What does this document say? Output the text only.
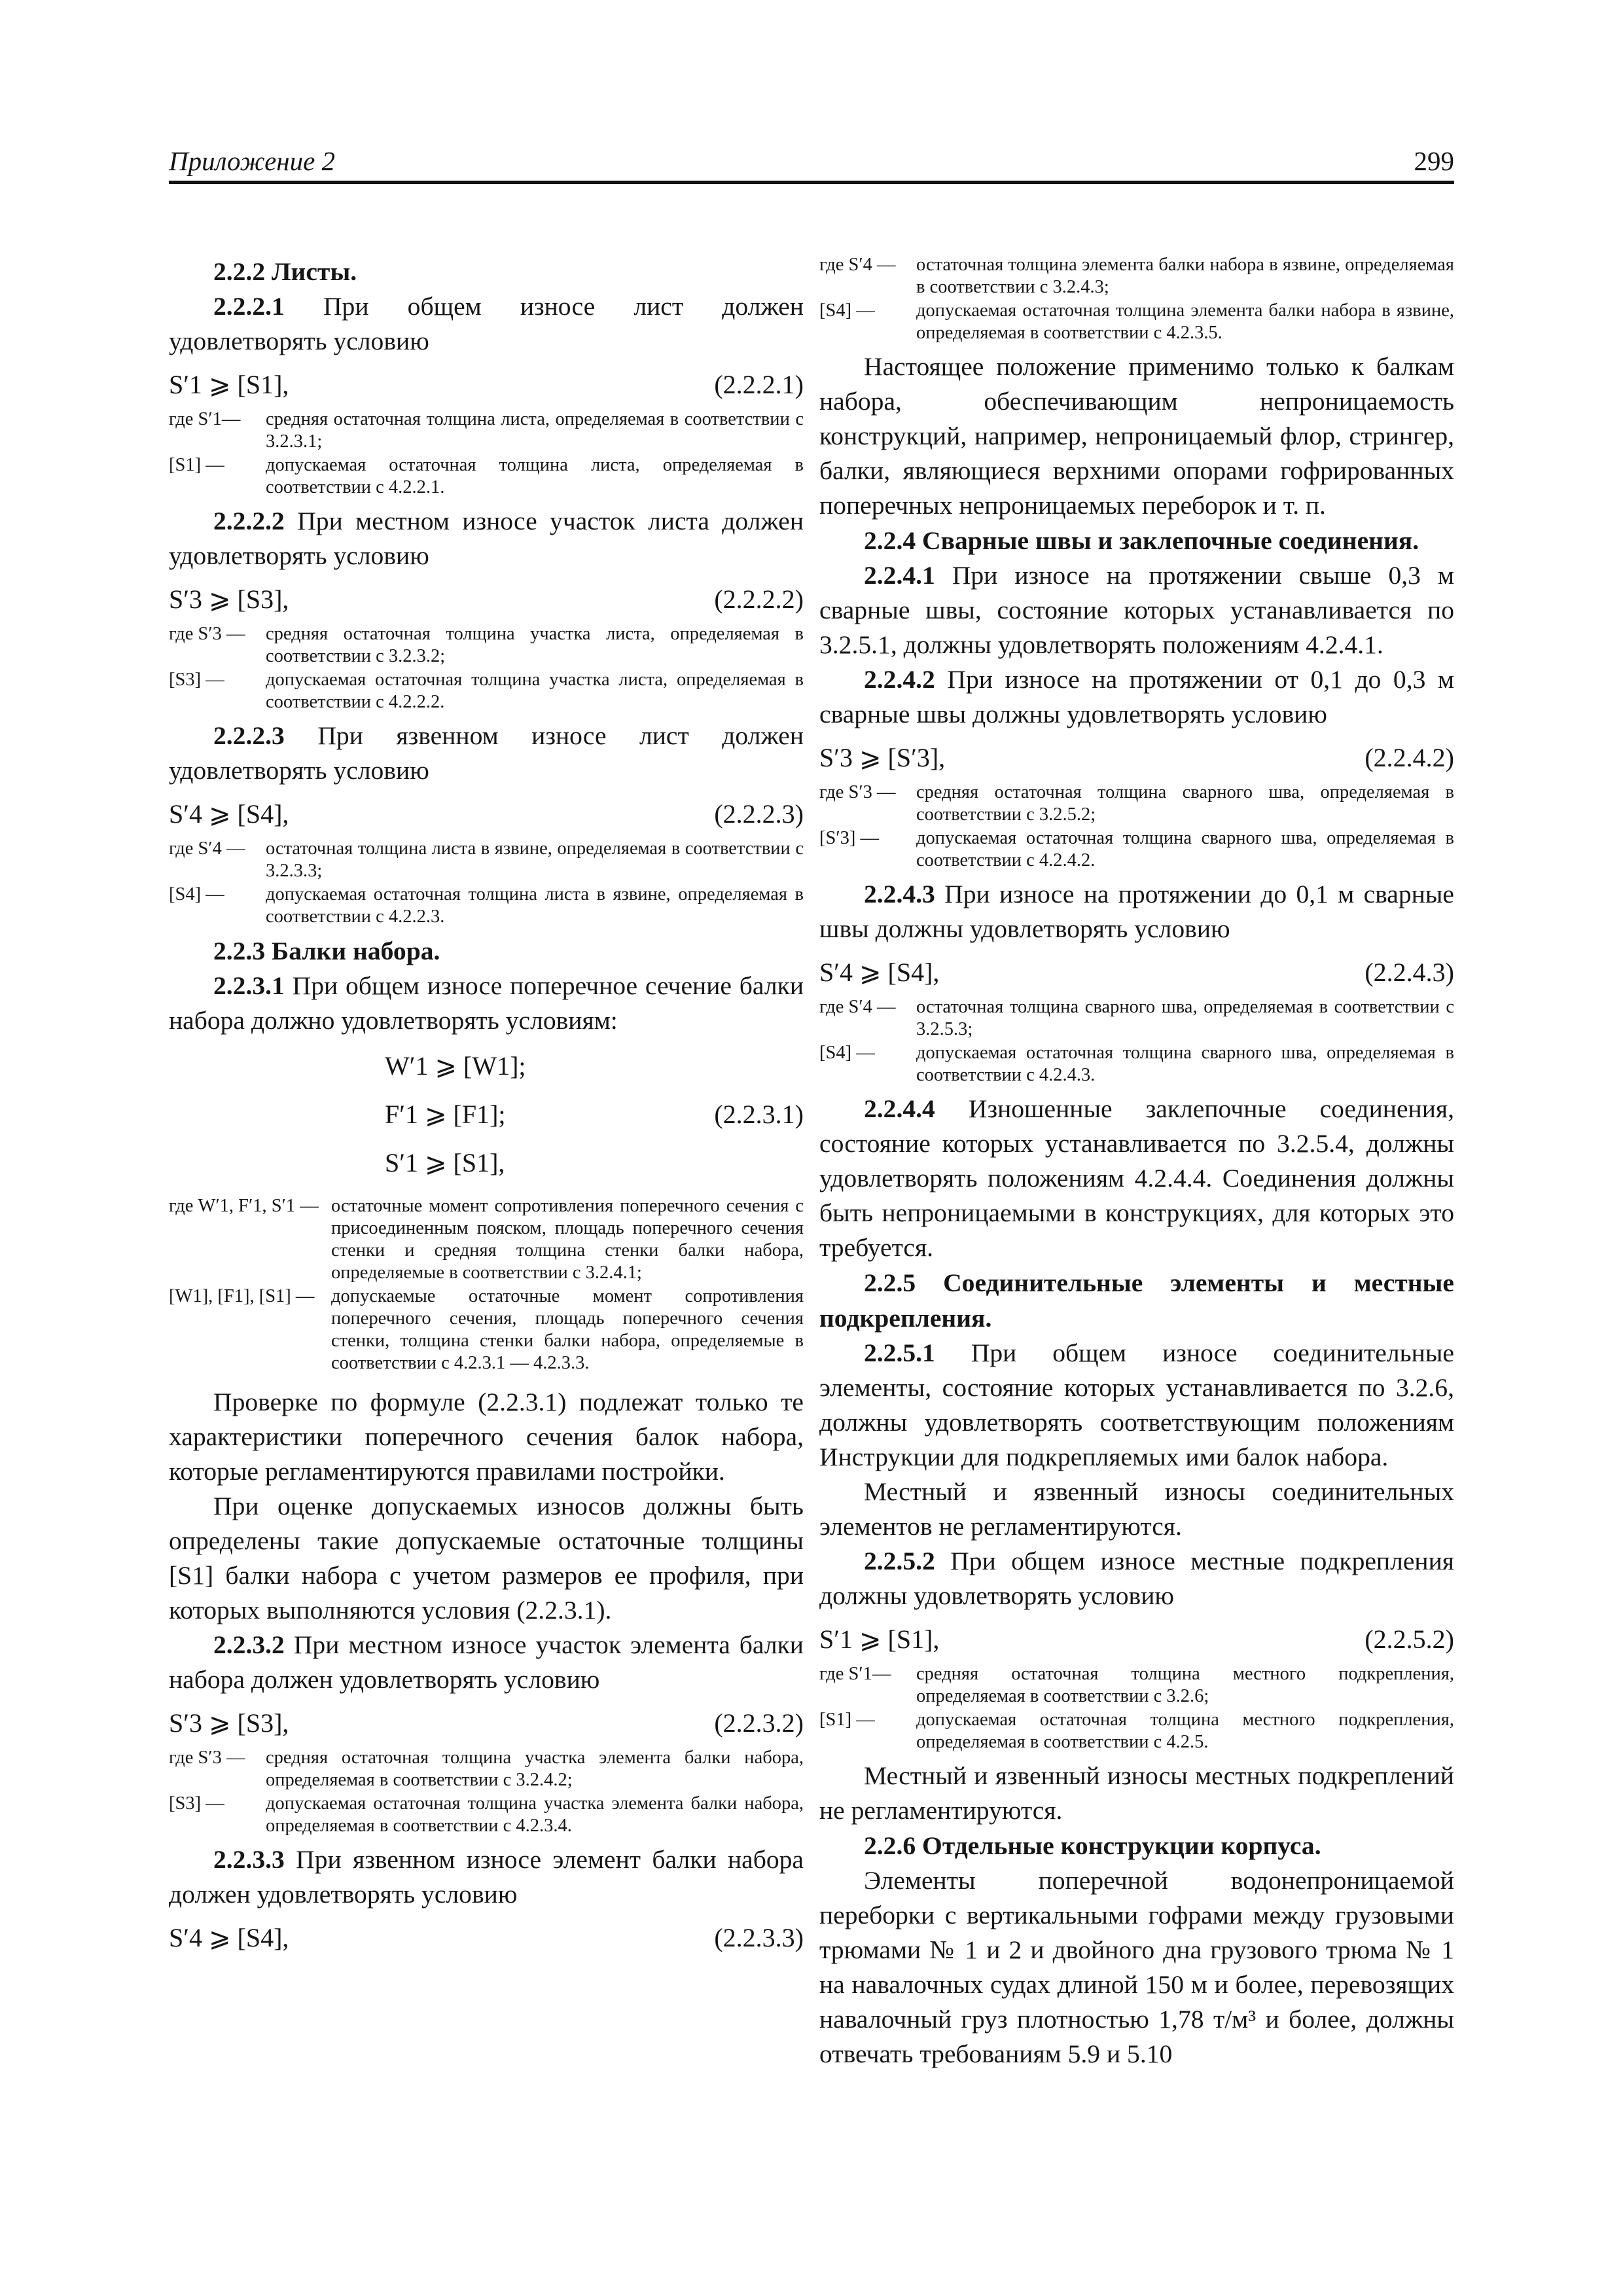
Приложение 2	299

2.2.2 Листы.

2.2.2.1 При общем износе лист должен удовлетворять условию

S′1 ⩾ [S1],	(2.2.2.1)
где S′1—	средняя остаточная толщина листа, определяемая в соответствии с 3.2.3.1;
[S1] —	допускаемая остаточная толщина листа, определяемая в соответствии с 4.2.2.1.

2.2.2.2 При местном износе участок листа должен удовлетворять условию

S′3 ⩾ [S3],	(2.2.2.2)
где S′3 —	средняя остаточная толщина участка листа, определяемая в соответствии с 3.2.3.2;
[S3] —	допускаемая остаточная толщина участка листа, определяемая в соответствии с 4.2.2.2.

2.2.2.3 При язвенном износе лист должен удовлетворять условию

S′4 ⩾ [S4],	(2.2.2.3)
где S′4 —	остаточная толщина листа в язвине, определяемая в соответствии с 3.2.3.3;
[S4] —	допускаемая остаточная толщина листа в язвине, определяемая в соответствии с 4.2.2.3.

2.2.3 Балки набора.

2.2.3.1 При общем износе поперечное сечение балки набора должно удовлетворять условиям:

W′1 ⩾ [W1];
F′1 ⩾ [F1];	(2.2.3.1)
S′1 ⩾ [S1],
где W′1, F′1, S′1 — остаточные момент сопротивления поперечного сечения с присоединенным пояском, площадь поперечного сечения стенки и средняя толщина стенки балки набора, определяемые в соответствии с 3.2.4.1;
[W1], [F1], [S1] — допускаемые остаточные момент сопротивления поперечного сечения, площадь поперечного сечения стенки, толщина стенки балки набора, определяемые в соответствии с 4.2.3.1 — 4.2.3.3.

Проверке по формуле (2.2.3.1) подлежат только те характеристики поперечного сечения балок набора, которые регламентируются правилами постройки.

При оценке допускаемых износов должны быть определены такие допускаемые остаточные толщины [S1] балки набора с учетом размеров ее профиля, при которых выполняются условия (2.2.3.1).

2.2.3.2 При местном износе участок элемента балки набора должен удовлетворять условию

S′3 ⩾ [S3],	(2.2.3.2)
где S′3 —	средняя остаточная толщина участка элемента балки набора, определяемая в соответствии с 3.2.4.2;
[S3] —	допускаемая остаточная толщина участка элемента балки набора, определяемая в соответствии с 4.2.3.4.

2.2.3.3 При язвенном износе элемент балки набора должен удовлетворять условию

S′4 ⩾ [S4],	(2.2.3.3)
где S′4 —	остаточная толщина элемента балки набора в язвине, определяемая в соответствии с 3.2.4.3;
[S4] —	допускаемая остаточная толщина элемента балки набора в язвине, определяемая в соответствии с 4.2.3.5.

Настоящее положение применимо только к балкам набора, обеспечивающим непроницаемость конструкций, например, непроницаемый флор, стрингер, балки, являющиеся верхними опорами гофрированных поперечных непроницаемых переборок и т. п.

2.2.4 Сварные швы и заклепочные соединения.

2.2.4.1 При износе на протяжении свыше 0,3 м сварные швы, состояние которых устанавливается по 3.2.5.1, должны удовлетворять положениям 4.2.4.1.

2.2.4.2 При износе на протяжении от 0,1 до 0,3 м сварные швы должны удовлетворять условию

S′3 ⩾ [S′3],	(2.2.4.2)
где S′3 —	средняя остаточная толщина сварного шва, определяемая в соответствии с 3.2.5.2;
[S′3] —	допускаемая остаточная толщина сварного шва, определяемая в соответствии с 4.2.4.2.

2.2.4.3 При износе на протяжении до 0,1 м сварные швы должны удовлетворять условию

S′4 ⩾ [S4],	(2.2.4.3)
где S′4 —	остаточная толщина сварного шва, определяемая в соответствии с 3.2.5.3;
[S4] —	допускаемая остаточная толщина сварного шва, определяемая в соответствии с 4.2.4.3.

2.2.4.4 Изношенные заклепочные соединения, состояние которых устанавливается по 3.2.5.4, должны удовлетворять положениям 4.2.4.4. Соединения должны быть непроницаемыми в конструкциях, для которых это требуется.

2.2.5 Соединительные элементы и местные подкрепления.

2.2.5.1 При общем износе соединительные элементы, состояние которых устанавливается по 3.2.6, должны удовлетворять соответствующим положениям Инструкции для подкрепляемых ими балок набора.

Местный и язвенный износы соединительных элементов не регламентируются.

2.2.5.2 При общем износе местные подкрепления должны удовлетворять условию

S′1 ⩾ [S1],	(2.2.5.2)
где S′1—	средняя остаточная толщина местного подкрепления, определяемая в соответствии с 3.2.6;
[S1] —	допускаемая остаточная толщина местного подкрепления, определяемая в соответствии с 4.2.5.

Местный и язвенный износы местных подкреплений не регламентируются.

2.2.6 Отдельные конструкции корпуса.

Элементы поперечной водонепроницаемой переборки с вертикальными гофрами между грузовыми трюмами № 1 и 2 и двойного дна грузового трюма № 1 на навалочных судах длиной 150 м и более, перевозящих навалочный груз плотностью 1,78 т/м³ и более, должны отвечать требованиям 5.9 и 5.10
